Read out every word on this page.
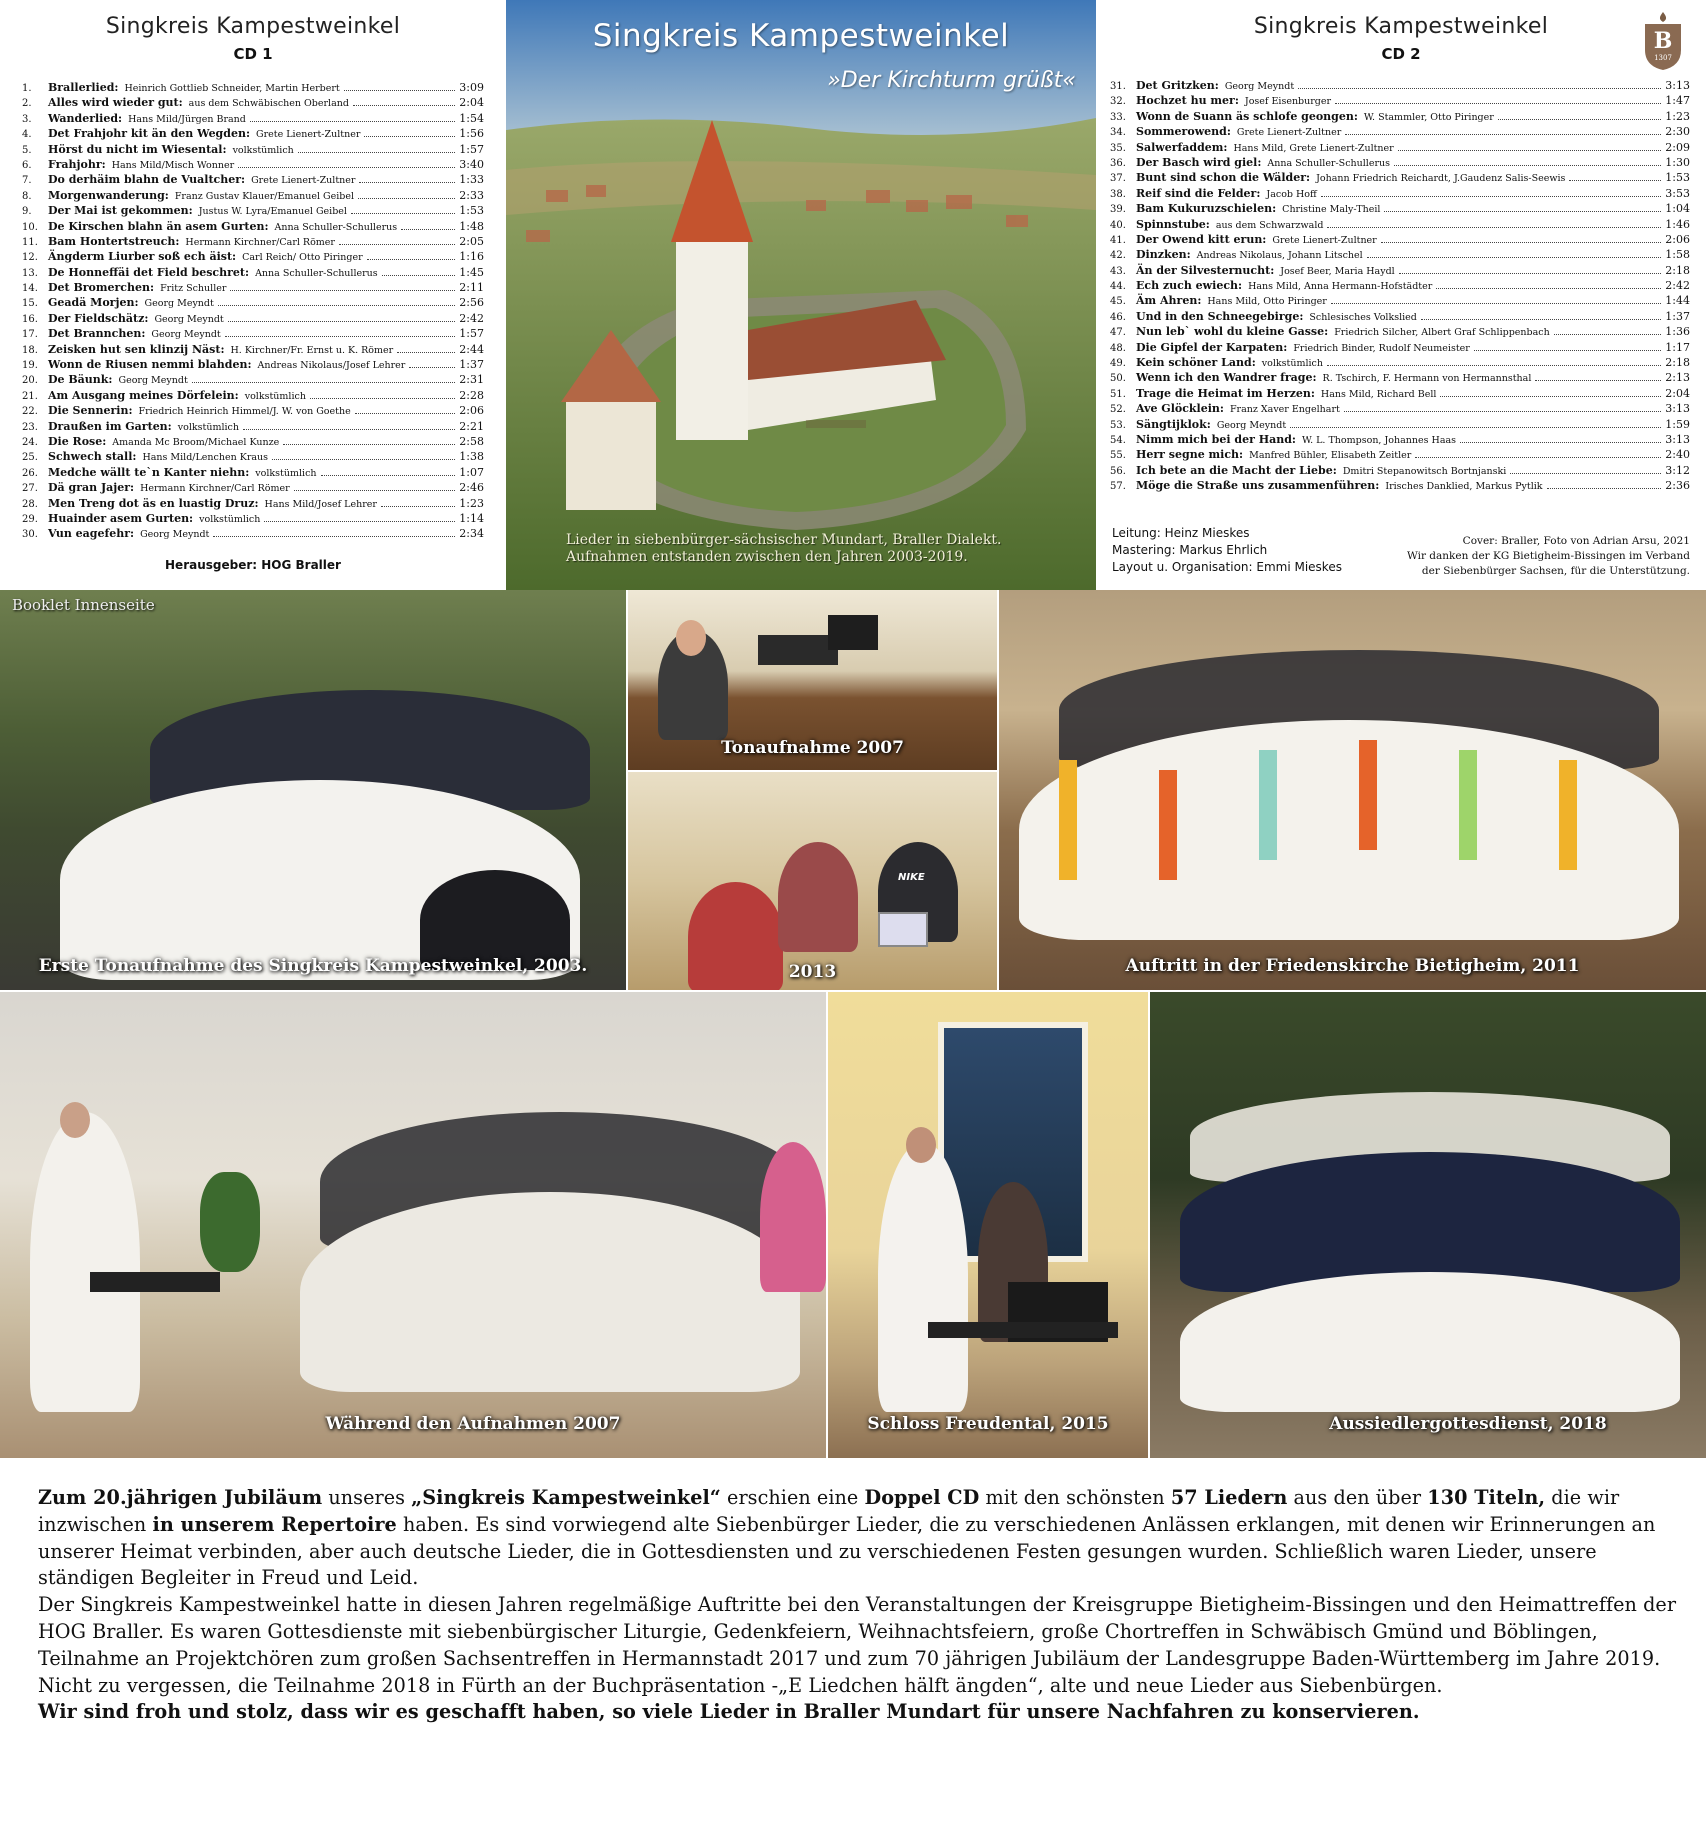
Singkreis Kampestweinkel
CD 1
1.	Brallerlied: Heinrich Gottlieb Schneider, Martin Herbert	3:09
2.	Alles wird wieder gut: aus dem Schwäbischen Oberland	2:04
3.	Wanderlied: Hans Mild/Jürgen Brand	1:54
4.	Det Frahjohr kit än den Wegden: Grete Lienert-Zultner	1:56
5.	Hörst du nicht im Wiesental: volkstümlich	1:57
6.	Frahjohr: Hans Mild/Misch Wonner	3:40
7.	Do derhäim blahn de Vualtcher: Grete Lienert-Zultner	1:33
8.	Morgenwanderung: Franz Gustav Klauer/Emanuel Geibel	2:33
9.	Der Mai ist gekommen: Justus W. Lyra/Emanuel Geibel	1:53
10. De Kirschen blahn än asem Gurten: Anna Schuller-Schullerus	1:48
11. Bam Hontertstreuch: Hermann Kirchner/Carl Römer	2:05
12. Ängderm Liurber soß ech äist: Carl Reich/ Otto Piringer	1:16
13. De Honneffäi det Field beschret: Anna Schuller-Schullerus	1:45
14. Det Bromerchen: Fritz Schuller	2:11
15. Geadä Morjen: Georg Meyndt	2:56
16. Der Fieldschätz: Georg Meyndt	2:42
17. Det Brannchen: Georg Meyndt	1:57
18. Zeisken hut sen klinzij Näst: H. Kirchner/Fr. Ernst u. K. Römer	2:44
19. Wonn de Riusen nemmi blahden: Andreas Nikolaus/Josef Lehrer	1:37
20. De Bäunk: Georg Meyndt	2:31
21. Am Ausgang meines Dörfelein: volkstümlich	2:28
22. Die Sennerin: Friedrich Heinrich Himmel/J. W. von Goethe	2:06
23. Draußen im Garten: volkstümlich	2:21
24. Die Rose: Amanda Mc Broom/Michael Kunze	2:58
25. Schwech stall: Hans Mild/Lenchen Kraus	1:38
26. Medche wällt te`n Kanter niehn: volkstümlich	1:07
27. Dä gran Jajer: Hermann Kirchner/Carl Römer	2:46
28. Men Treng dot äs en luastig Druz: Hans Mild/Josef Lehrer	1:23
29. Huainder asem Gurten: volkstümlich	1:14
30. Vun eagefehr: Georg Meyndt	2:34
Herausgeber: HOG Braller
Singkreis Kampestweinkel
»Der Kirchturm grüßt«
Lieder in siebenbürger-sächsischer Mundart, Braller Dialekt.
Aufnahmen entstanden zwischen den Jahren 2003-2019.
Singkreis Kampestweinkel
CD 2	B
1307
31. Det Gritzken: Georg Meyndt	3:13
32. Hochzet hu mer: Josef Eisenburger	1:47
33. Wonn de Suann äs schlofe geongen: W. Stammler, Otto Piringer	1:23
34. Sommerowend: Grete Lienert-Zultner	2:30
35. Salwerfaddem: Hans Mild, Grete Lienert-Zultner	2:09
36. Der Basch wird giel: Anna Schuller-Schullerus	1:30
37. Bunt sind schon die Wälder: Johann Friedrich Reichardt, J.Gaudenz Salis-Seewis	1:53
38. Reif sind die Felder: Jacob Hoff	3:53
39. Bam Kukuruzschielen: Christine Maly-Theil	1:04
40. Spinnstube: aus dem Schwarzwald	1:46
41. Der Owend kitt erun: Grete Lienert-Zultner	2:06
42. Dinzken: Andreas Nikolaus, Johann Litschel	1:58
43. Än der Silvesternucht: Josef Beer, Maria Haydl	2:18
44. Ech zuch ewiech: Hans Mild, Anna Hermann-Hofstädter	2:42
45. Äm Ahren: Hans Mild, Otto Piringer	1:44
46. Und in den Schneegebirge: Schlesisches Volkslied	1:37
47. Nun leb` wohl du kleine Gasse: Friedrich Silcher, Albert Graf Schlippenbach	1:36
48. Die Gipfel der Karpaten: Friedrich Binder, Rudolf Neumeister	1:17
49. Kein schöner Land: volkstümlich	2:18
50. Wenn ich den Wandrer frage: R. Tschirch, F. Hermann von Hermannsthal	2:13
51. Trage die Heimat im Herzen: Hans Mild, Richard Bell	2:04
52. Ave Glöcklein: Franz Xaver Engelhart	3:13
53. Sängtijklok: Georg Meyndt	1:59
54. Nimm mich bei der Hand: W. L. Thompson, Johannes Haas	3:13
55. Herr segne mich: Manfred Bühler, Elisabeth Zeitler	2:40
56. Ich bete an die Macht der Liebe: Dmitri Stepanowitsch Bortnjanski	3:12
57. Möge die Straße uns zusammenführen: Irisches Danklied, Markus Pytlik	2:36
Leitung: Heinz Mieskes
Mastering: Markus Ehrlich
Layout u. Organisation: Emmi Mieskes
Cover: Braller, Foto von Adrian Arsu, 2021
Wir danken der KG Bietigheim-Bissingen im Verband
der Siebenbürger Sachsen, für die Unterstützung.
Booklet Innenseite
Erste Tonaufnahme des Singkreis Kampestweinkel, 2003.
Tonaufnahme 2007
NIKE
2013	Auftritt in der Friedenskirche Bietigheim, 2011
Während den Aufnahmen 2007	Schloss Freudental, 2015	Aussiedlergottesdienst, 2018

Zum 20.jährigen Jubiläum unseres „Singkreis Kampestweinkel“ erschien eine Doppel CD mit den schönsten 57 Liedern aus den über 130 Titeln, die wir inzwischen in unserem Repertoire haben. Es sind vorwiegend alte Siebenbürger Lieder, die zu verschiedenen Anlässen erklangen, mit denen wir Erinnerungen an unserer Heimat verbinden, aber auch deutsche Lieder, die in Gottesdiensten und zu verschiedenen Festen gesungen wurden. Schließlich waren Lieder, unsere ständigen Begleiter in Freud und Leid.

Der Singkreis Kampestweinkel hatte in diesen Jahren regelmäßige Auftritte bei den Veranstaltungen der Kreisgruppe Bietigheim-Bissingen und den Heimattreffen der HOG Braller. Es waren Gottesdienste mit siebenbürgischer Liturgie, Gedenkfeiern, Weihnachtsfeiern, große Chortreffen in Schwäbisch Gmünd und Böblingen, Teilnahme an Projektchören zum großen Sachsentreffen in Hermannstadt 2017 und zum 70 jährigen Jubiläum der Landesgruppe Baden-Württemberg im Jahre 2019. Nicht zu vergessen, die Teilnahme 2018 in Fürth an der Buchpräsentation -„E Liedchen hälft ängden“, alte und neue Lieder aus Siebenbürgen.

Wir sind froh und stolz, dass wir es geschafft haben, so viele Lieder in Braller Mundart für unsere Nachfahren zu konservieren.
